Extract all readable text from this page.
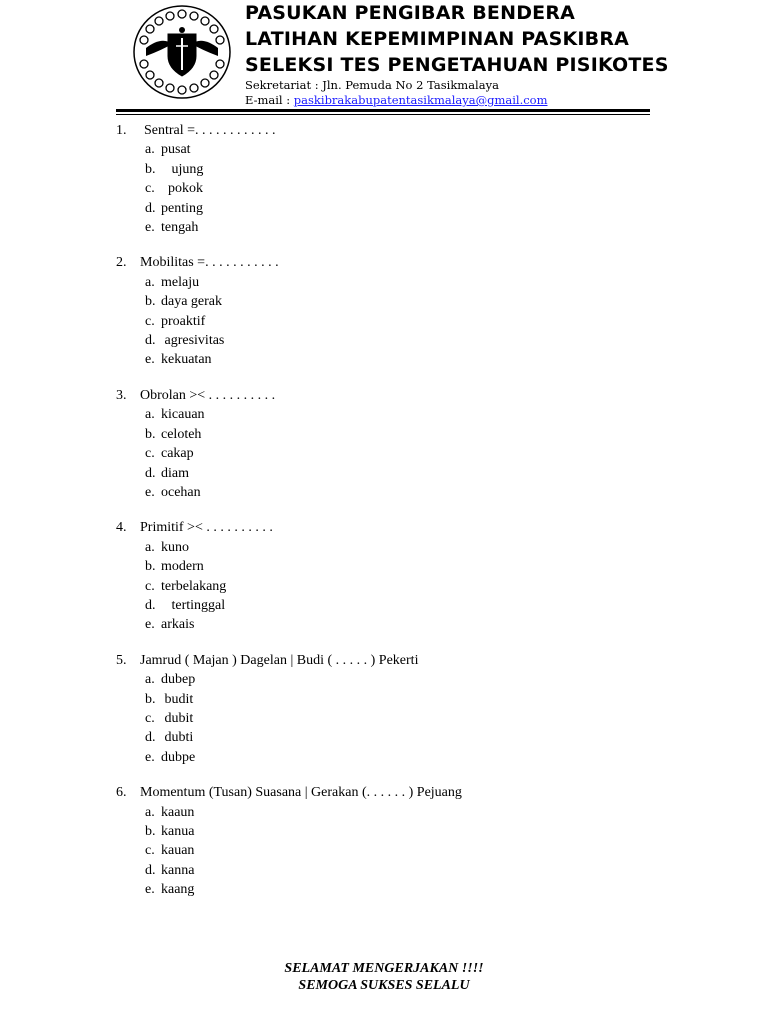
PASUKAN PENGIBAR BENDERA
LATIHAN KEPEMIMPINAN PASKIBRA
SELEKSI TES PENGETAHUAN PISIKOTES
Sekretariat : Jln. Pemuda No 2 Tasikmalaya
E-mail : paskibrakabupatentasikmalaya@gmail.com
1.	Sentral =. . . . . . . . . . . .
a. pusat
b. ujung
c. pokok
d. penting
e. tengah
2. Mobilitas =. . . . . . . . . . .
a. melaju
b. daya gerak
c. proaktif
d. agresivitas
e. kekuatan
3. Obrolan >< . . . . . . . . . .
a. kicauan
b. celoteh
c. cakap
d. diam
e. ocehan
4. Primitif >< . . . . . . . . . .
a. kuno
b. modern
c. terbelakang
d. tertinggal
e. arkais
5. Jamrud ( Majan ) Dagelan | Budi ( . . . . . ) Pekerti
a. dubep
b. budit
c. dubit
d. dubti
e. dubpe
6. Momentum (Tusan) Suasana | Gerakan (. . . . . . ) Pejuang
a. kaaun
b. kanua
c. kauan
d. kanna
e. kaang
SELAMAT MENGERJAKAN !!!!
SEMOGA SUKSES SELALU
